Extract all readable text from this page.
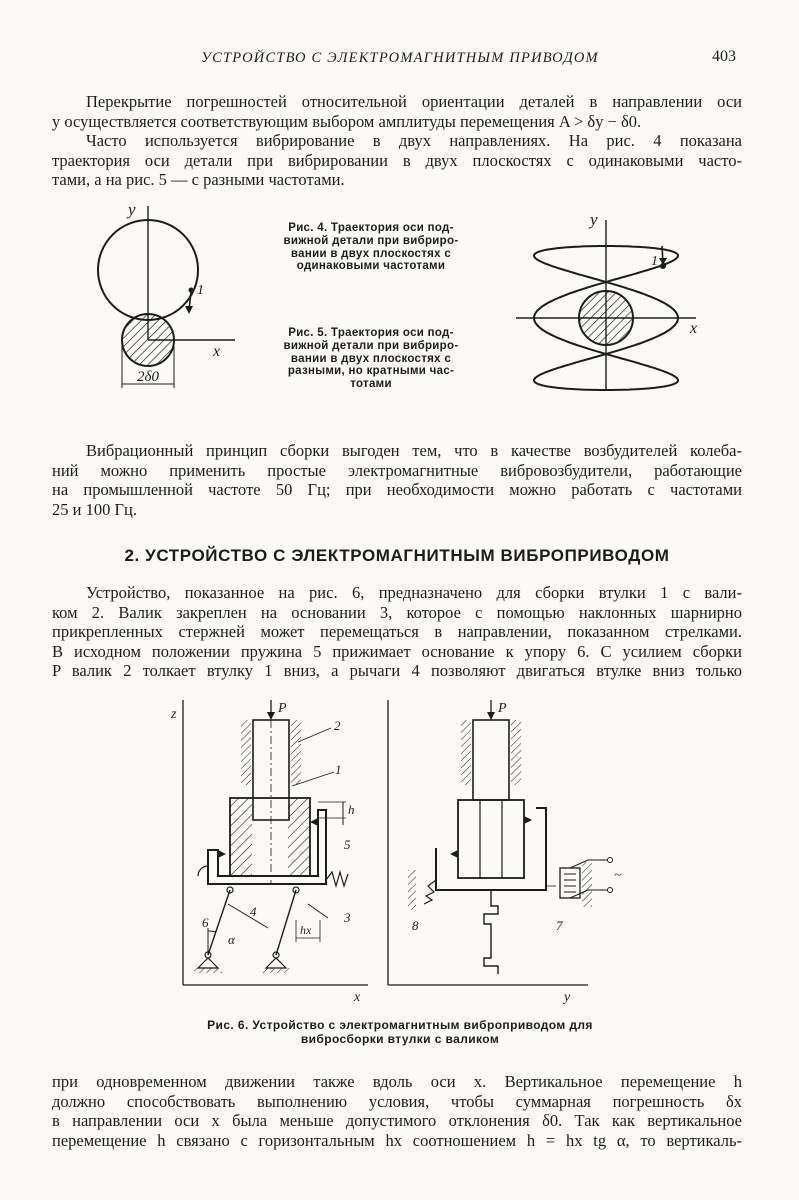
УСТРОЙСТВО С ЭЛЕКТРОМАГНИТНЫМ ПРИВОДОМ	403
Перекрытие погрешностей относительной ориентации деталей в направлении оси
y осуществляется соответствующим выбором амплитуды перемещения A > δy − δ0.
Часто используется вибрирование в двух направлениях. На рис. 4 показана
траектория оси детали при вибрировании в двух плоскостях с одинаковыми часто-
тами, а на рис. 5 — с разными частотами.
y
x
1
2δ0
Рис. 4. Траектория оси под-
вижной детали при вибриро-
вании в двух плоскостях с
одинаковыми частотами
Рис. 5. Траектория оси под-
вижной детали при вибриро-
вании в двух плоскостях с
разными, но кратными час-
тотами
y
x
1
Вибрационный принцип сборки выгоден тем, что в качестве возбудителей колеба-
ний можно применить простые электромагнитные вибровозбудители, работающие
на промышленной частоте 50 Гц; при необходимости можно работать с частотами
25 и 100 Гц.
2. УСТРОЙСТВО С ЭЛЕКТРОМАГНИТНЫМ ВИБРОПРИВОДОМ
Устройство, показанное на рис. 6, предназначено для сборки втулки 1 с вали-
ком 2. Валик закреплен на основании 3, которое с помощью наклонных шарнирно
прикрепленных стержней может перемещаться в направлении, показанном стрелками.
В исходном положении пружина 5 прижимает основание к упору 6. С усилием сборки
P валик 2 толкает втулку 1 вниз, а рычаги 4 позволяют двигаться втулке вниз только
z
x
P
2
1
h
5
6
4	3
α
hx
y
P
8	7
~
Рис. 6. Устройство с электромагнитным виброприводом для
вибросборки втулки с валиком
при одновременном движении также вдоль оси x. Вертикальное перемещение h
должно способствовать выполнению условия, чтобы суммарная погрешность δx
в направлении оси x была меньше допустимого отклонения δ0. Так как вертикальное
перемещение h связано с горизонтальным hx соотношением h = hx tg α, то вертикаль-
